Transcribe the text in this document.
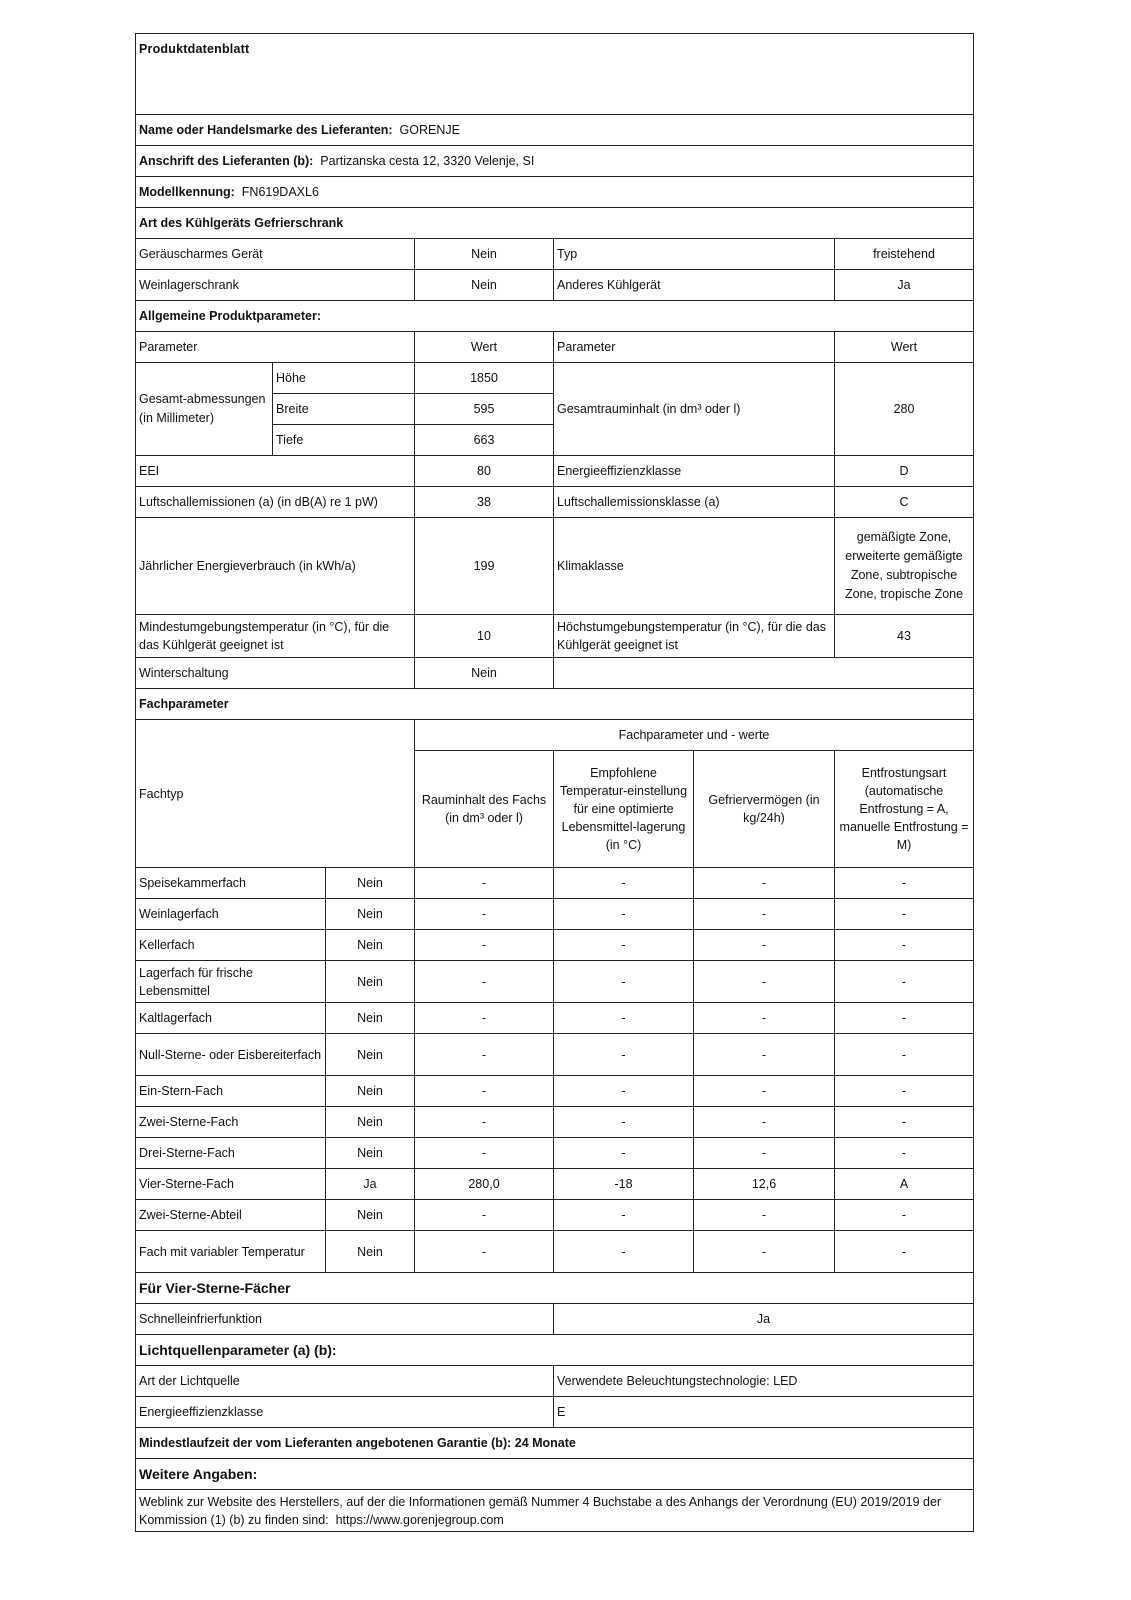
Produktdatenblatt						
Name oder Handelsmarke des Lieferanten: GORENJE						
Anschrift des Lieferanten (b): Partizanska cesta 12, 3320 Velenje, SI						
Modellkennung: FN619DAXL6						
Art des Kühlgeräts Gefrierschrank						
Geräuscharmes Gerät			Nein	Typ		freistehend
Weinlagerschrank			Nein	Anderes Kühlgerät		Ja
Allgemeine Produktparameter:						
Parameter			Wert	Parameter		Wert
Gesamt-abmessungen (in Millimeter)	Höhe		1850	Gesamtrauminhalt (in dm³ oder l)		280
	Breite		595			
	Tiefe		663			
EEI			80	Energieeffizienzklasse		D
Luftschallemissionen (a) (in dB(A) re 1 pW)			38	Luftschallemissionsklasse (a)		C
Jährlicher Energieverbrauch (in kWh/a)			199	Klimaklasse		gemäßigte Zone, erweiterte gemäßigte Zone, subtropische Zone, tropische Zone
Mindestumgebungstemperatur (in °C), für die das Kühlgerät geeignet ist			10	Höchstumgebungstemperatur (in °C), für die das Kühlgerät geeignet ist		43
Winterschaltung			Nein			
Fachparameter						
Fachtyp			Fachparameter und - werte			
			Rauminhalt des Fachs (in dm³ oder l)	Empfohlene Temperatur-einstellung für eine optimierte Lebensmittel-lagerung (in °C)	Gefriervermögen (in kg/24h)	Entfrostungsart (automatische Entfrostung = A, manuelle Entfrostung = M)
Speisekammerfach		Nein	-	-	-	-
Weinlagerfach		Nein	-	-	-	-
Kellerfach		Nein	-	-	-	-
Lagerfach für frische Lebensmittel		Nein	-	-	-	-
Kaltlagerfach		Nein	-	-	-	-
Null-Sterne- oder Eisbereiterfach		Nein	-	-	-	-
Ein-Stern-Fach		Nein	-	-	-	-
Zwei-Sterne-Fach		Nein	-	-	-	-
Drei-Sterne-Fach		Nein	-	-	-	-
Vier-Sterne-Fach		Ja	280,0	-18	12,6	A
Zwei-Sterne-Abteil		Nein	-	-	-	-
Fach mit variabler Temperatur		Nein	-	-	-	-
Für Vier-Sterne-Fächer						
Schnelleinfrierfunktion				Ja		
Lichtquellenparameter (a) (b):						
Art der Lichtquelle				Verwendete Beleuchtungstechnologie: LED		
Energieeffizienzklasse				E		
Mindestlaufzeit der vom Lieferanten angebotenen Garantie (b): 24 Monate						
Weitere Angaben:						
Weblink zur Website des Herstellers, auf der die Informationen gemäß Nummer 4 Buchstabe a des Anhangs der Verordnung (EU) 2019/2019 der Kommission (1) (b) zu finden sind: https://www.gorenjegroup.com						
